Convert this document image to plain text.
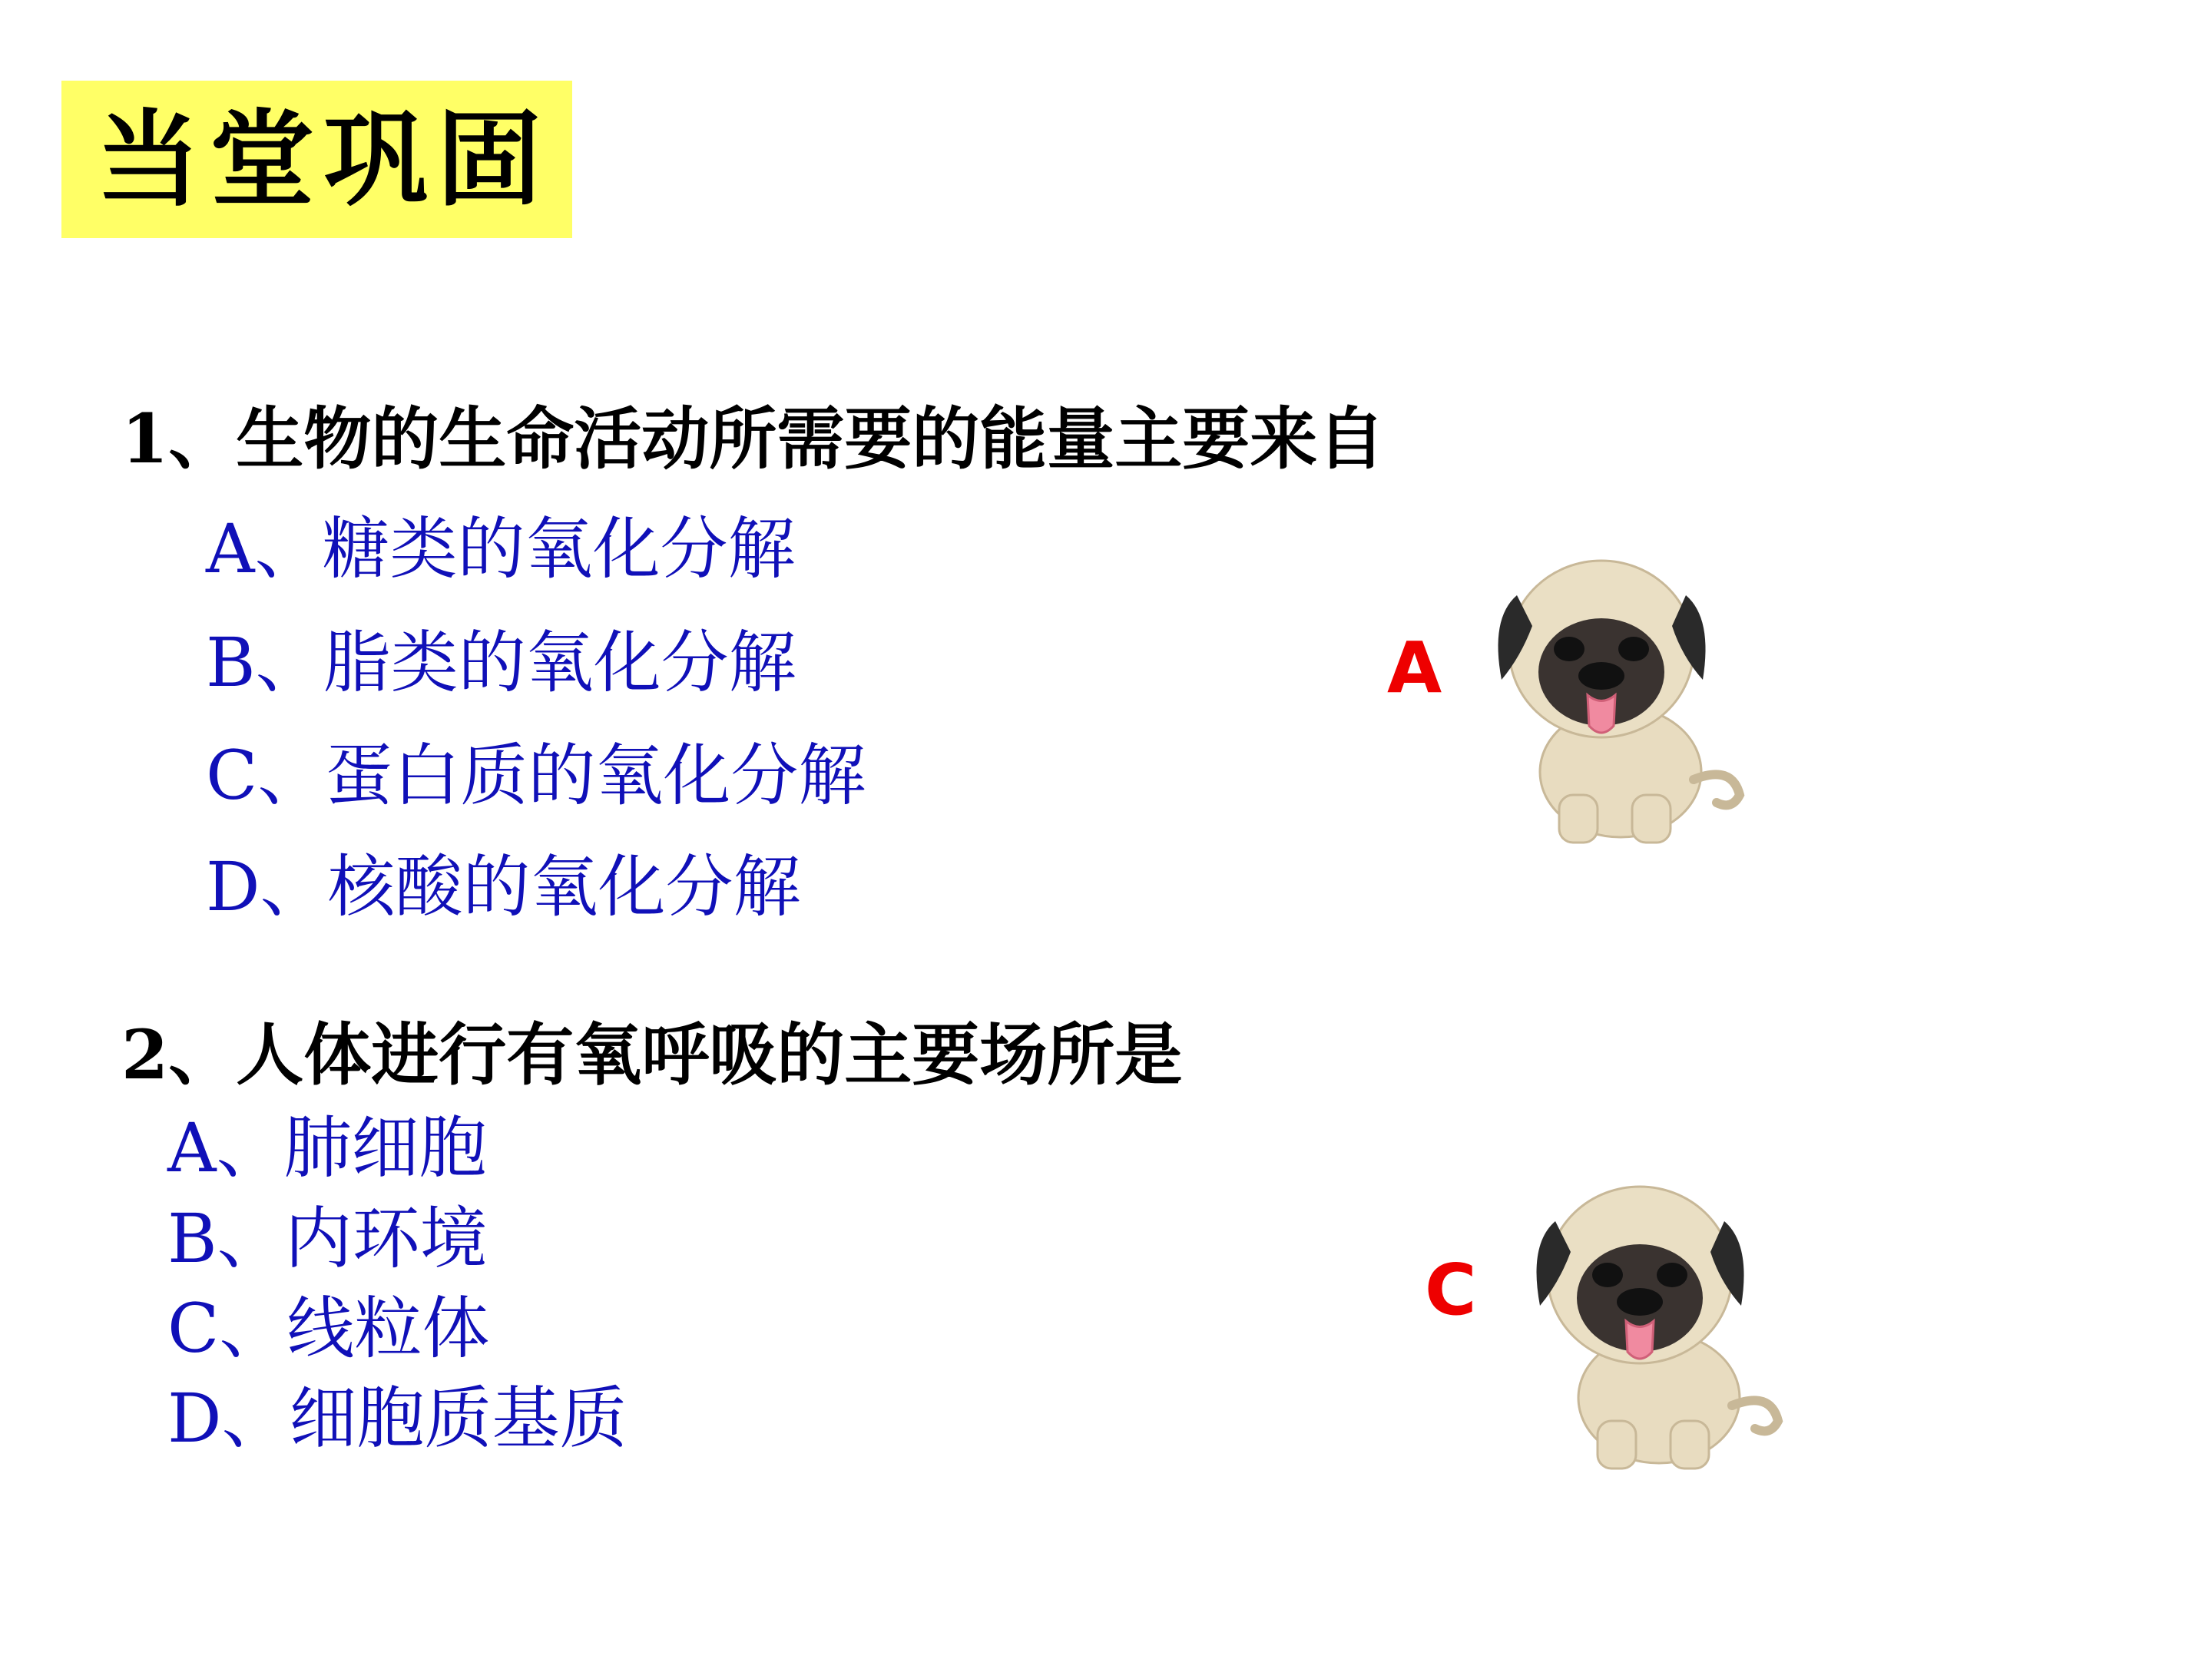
当堂巩固
1、生物的生命活动所需要的能量主要来自
A、糖类的氧化分解
B、脂类的氧化分解
C、蛋白质的氧化分解
D、核酸的氧化分解
A
2、人体进行有氧呼吸的主要场所是
A、肺细胞
B、内环境
C、线粒体
D、细胞质基质
C
